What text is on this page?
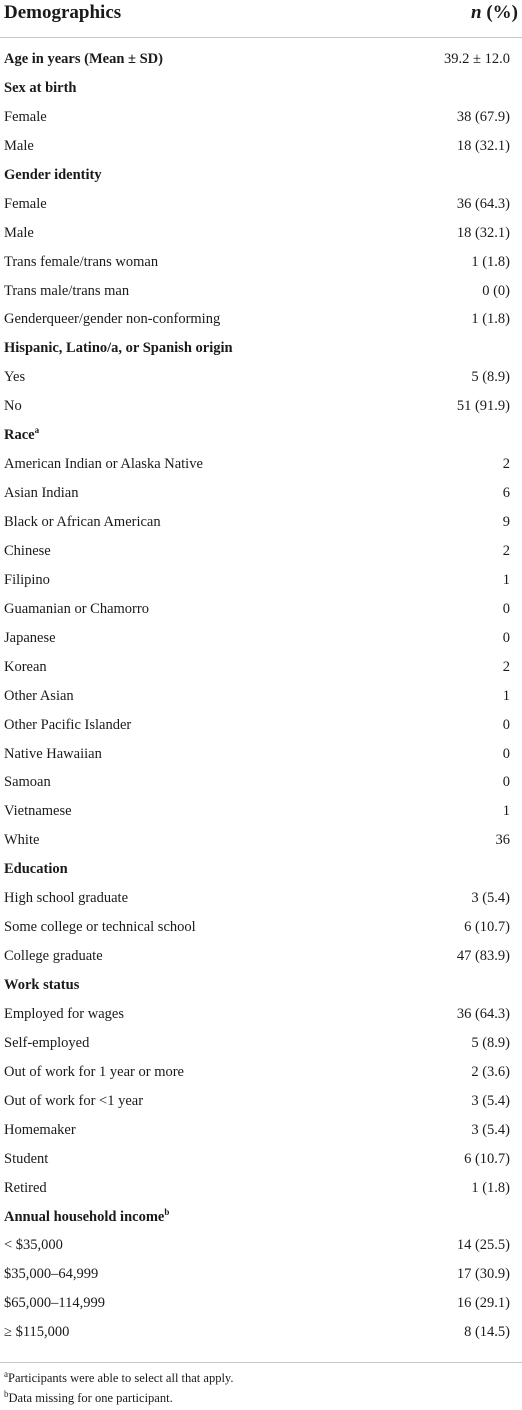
Demographics	n (%)
Age in years (Mean ± SD)	39.2 ± 12.0
Sex at birth
Female	38 (67.9)
Male	18 (32.1)
Gender identity
Female	36 (64.3)
Male	18 (32.1)
Trans female/trans woman	1 (1.8)
Trans male/trans man	0 (0)
Genderqueer/gender non-conforming	1 (1.8)
Hispanic, Latino/a, or Spanish origin
Yes	5 (8.9)
No	51 (91.9)
Race$^a$
American Indian or Alaska Native	2
Asian Indian	6
Black or African American	9
Chinese	2
Filipino	1
Guamanian or Chamorro	0
Japanese	0
Korean	2
Other Asian	1
Other Pacific Islander	0
Native Hawaiian	0
Samoan	0
Vietnamese	1
White	36
Education
High school graduate	3 (5.4)
Some college or technical school	6 (10.7)
College graduate	47 (83.9)
Work status
Employed for wages	36 (64.3)
Self-employed	5 (8.9)
Out of work for 1 year or more	2 (3.6)
Out of work for <1 year	3 (5.4)
Homemaker	3 (5.4)
Student	6 (10.7)
Retired	1 (1.8)
Annual household income$^b$
< $35,000	14 (25.5)
$35,000–64,999	17 (30.9)
$65,000–114,999	16 (29.1)
≥ $115,000	8 (14.5)
$^a$Participants were able to select all that apply.
$^b$Data missing for one participant.
